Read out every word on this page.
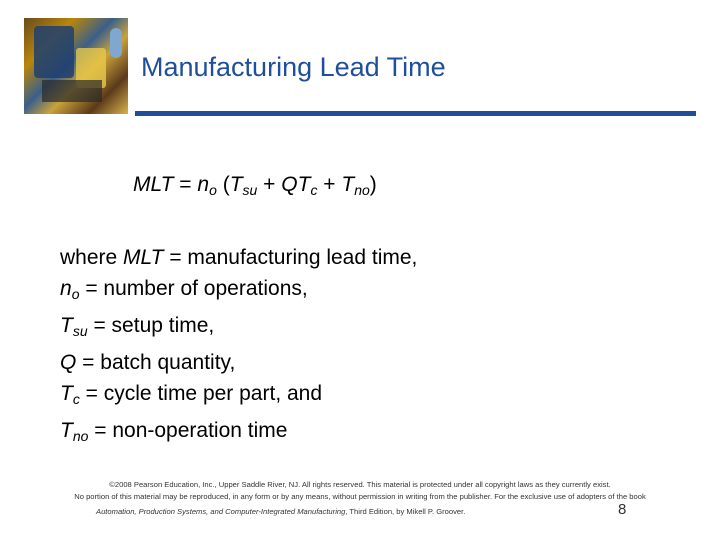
Manufacturing Lead Time
MLT = $n_o$ $(T_{su} + QT_c + T_{no})$
where MLT = manufacturing lead time,
$n_o$ = number of operations,
$T_{su}$ = setup time,
Q = batch quantity,
$T_c$ = cycle time per part, and
$T_{no}$ = non-operation time
©2008 Pearson Education, Inc., Upper Saddle River, NJ. All rights reserved. This material is protected under all copyright laws as they currently exist.
No portion of this material may be reproduced, in any form or by any means, without permission in writing from the publisher. For the exclusive use of adopters of the book
Automation, Production Systems, and Computer-Integrated Manufacturing, Third Edition, by Mikell P. Groover.	8
